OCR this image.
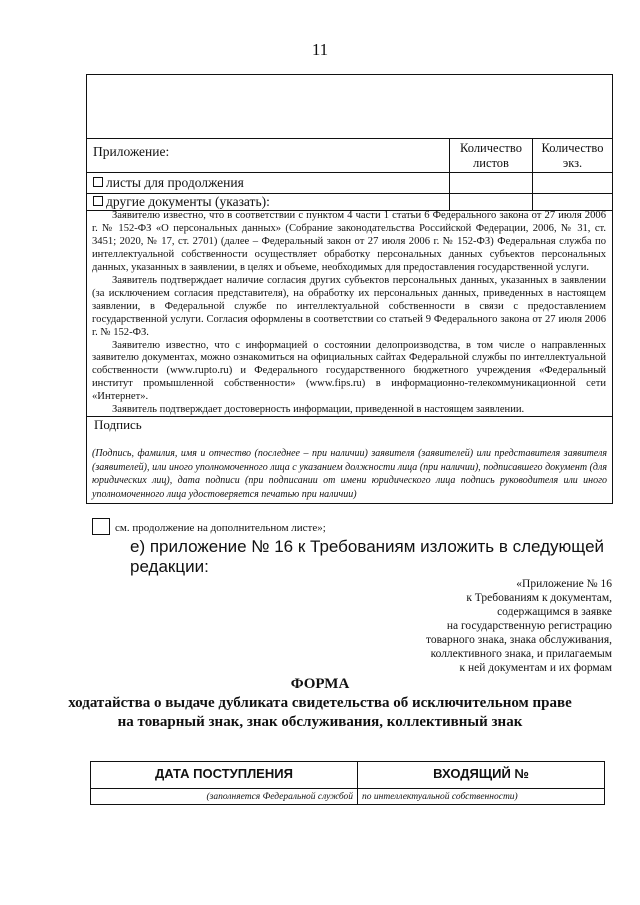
11
Приложение:	Количество листов
Количество экз.
листы для продолжения
другие документы (указать):

Заявителю известно, что в соответствии с пунктом 4 части 1 статьи 6 Федерального закона от 27 июля 2006 г. № 152-ФЗ «О персональных данных» (Собрание законодательства Российской Федерации, 2006, № 31, ст. 3451; 2020, № 17, ст. 2701) (далее – Федеральный закон от 27 июля 2006 г. № 152-ФЗ) Федеральная служба по интеллектуальной собственности осуществляет обработку персональных данных субъектов персональных данных, указанных в заявлении, в целях и объеме, необходимых для предоставления государственной услуги.

Заявитель подтверждает наличие согласия других субъектов персональных данных, указанных в заявлении (за исключением согласия представителя), на обработку их персональных данных, приведенных в настоящем заявлении, в Федеральной службе по интеллектуальной собственности в связи с предоставлением государственной услуги. Согласия оформлены в соответствии со статьей 9 Федерального закона от 27 июля 2006 г. № 152-ФЗ.

Заявителю известно, что с информацией о состоянии делопроизводства, в том числе о направленных заявителю документах, можно ознакомиться на официальных сайтах Федеральной службы по интеллектуальной собственности (www.rupto.ru) и Федерального государственного бюджетного учреждения «Федеральный институт промышленной собственности» (www.fips.ru) в информационно-телекоммуникационной сети «Интернет».

Заявитель подтверждает достоверность информации, приведенной в настоящем заявлении.

Подпись
(Подпись, фамилия, имя и отчество (последнее – при наличии) заявителя (заявителей) или представителя заявителя (заявителей), или иного уполномоченного лица с указанием должности лица (при наличии), подписавшего документ (для юридических лиц), дата подписи (при подписании от имени юридического лица подпись руководителя или иного уполномоченного лица удостоверяется печатью при наличии)
см. продолжение на дополнительном листе»;
е) приложение № 16 к Требованиям изложить в следующей редакции:
«Приложение № 16
к Требованиям к документам,
содержащимся в заявке
на государственную регистрацию
товарного знака, знака обслуживания,
коллективного знака, и прилагаемым
к ней документам и их формам
ФОРМА
ходатайства о выдаче дубликата свидетельства об исключительном праве
на товарный знак, знак обслуживания, коллективный знак
ДАТА ПОСТУПЛЕНИЯ
(заполняется Федеральной службой
ВХОДЯЩИЙ №
по интеллектуальной собственности)
